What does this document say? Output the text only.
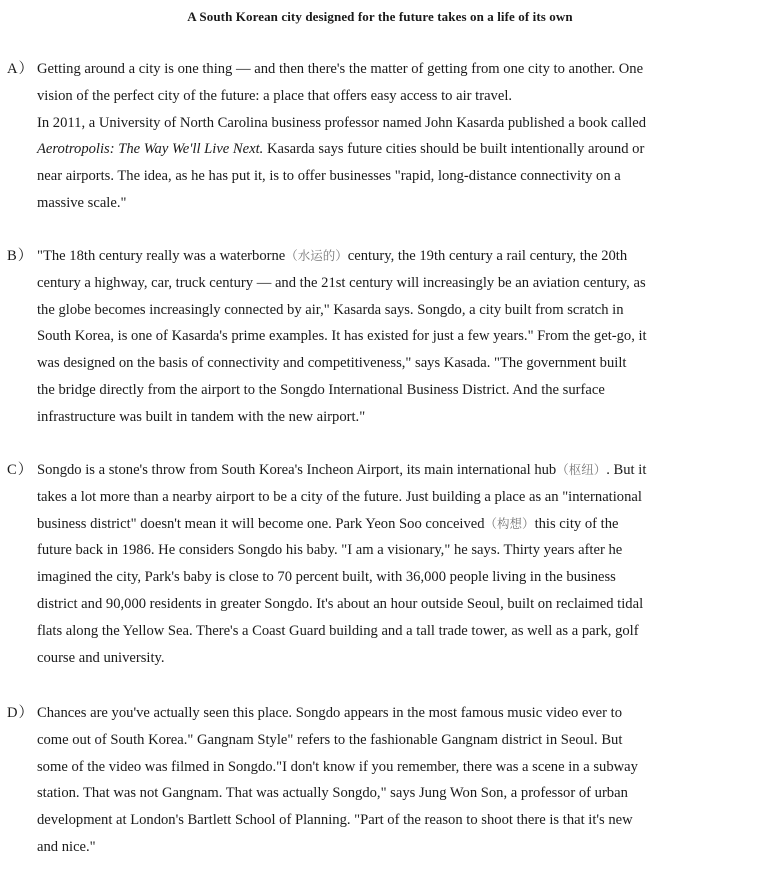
A South Korean city designed for the future takes on a life of its own
A） Getting around a city is one thing — and then there's the matter of getting from one city to another. One
vision of the perfect city of the future: a place that offers easy access to air travel.
In 2011, a University of North Carolina business professor named John Kasarda published a book called
Aerotropolis: The Way We'll Live Next. Kasarda says future cities should be built intentionally around or
near airports. The idea, as he has put it, is to offer businesses "rapid, long-distance connectivity on a
massive scale."
B） "The 18th century really was a waterborne（水运的）century, the 19th century a rail century, the 20th
century a highway, car, truck century — and the 21st century will increasingly be an aviation century, as
the globe becomes increasingly connected by air," Kasarda says. Songdo, a city built from scratch in
South Korea, is one of Kasarda's prime examples. It has existed for just a few years." From the get-go, it
was designed on the basis of connectivity and competitiveness," says Kasada. "The government built
the bridge directly from the airport to the Songdo International Business District. And the surface
infrastructure was built in tandem with the new airport."
C） Songdo is a stone's throw from South Korea's Incheon Airport, its main international hub（枢纽）. But it
takes a lot more than a nearby airport to be a city of the future. Just building a place as an "international
business district" doesn't mean it will become one. Park Yeon Soo conceived（构想）this city of the
future back in 1986. He considers Songdo his baby. "I am a visionary," he says. Thirty years after he
imagined the city, Park's baby is close to 70 percent built, with 36,000 people living in the business
district and 90,000 residents in greater Songdo. It's about an hour outside Seoul, built on reclaimed tidal
flats along the Yellow Sea. There's a Coast Guard building and a tall trade tower, as well as a park, golf
course and university.
D） Chances are you've actually seen this place. Songdo appears in the most famous music video ever to
come out of South Korea." Gangnam Style" refers to the fashionable Gangnam district in Seoul. But
some of the video was filmed in Songdo."I don't know if you remember, there was a scene in a subway
station. That was not Gangnam. That was actually Songdo," says Jung Won Son, a professor of urban
development at London's Bartlett School of Planning. "Part of the reason to shoot there is that it's new
and nice."
